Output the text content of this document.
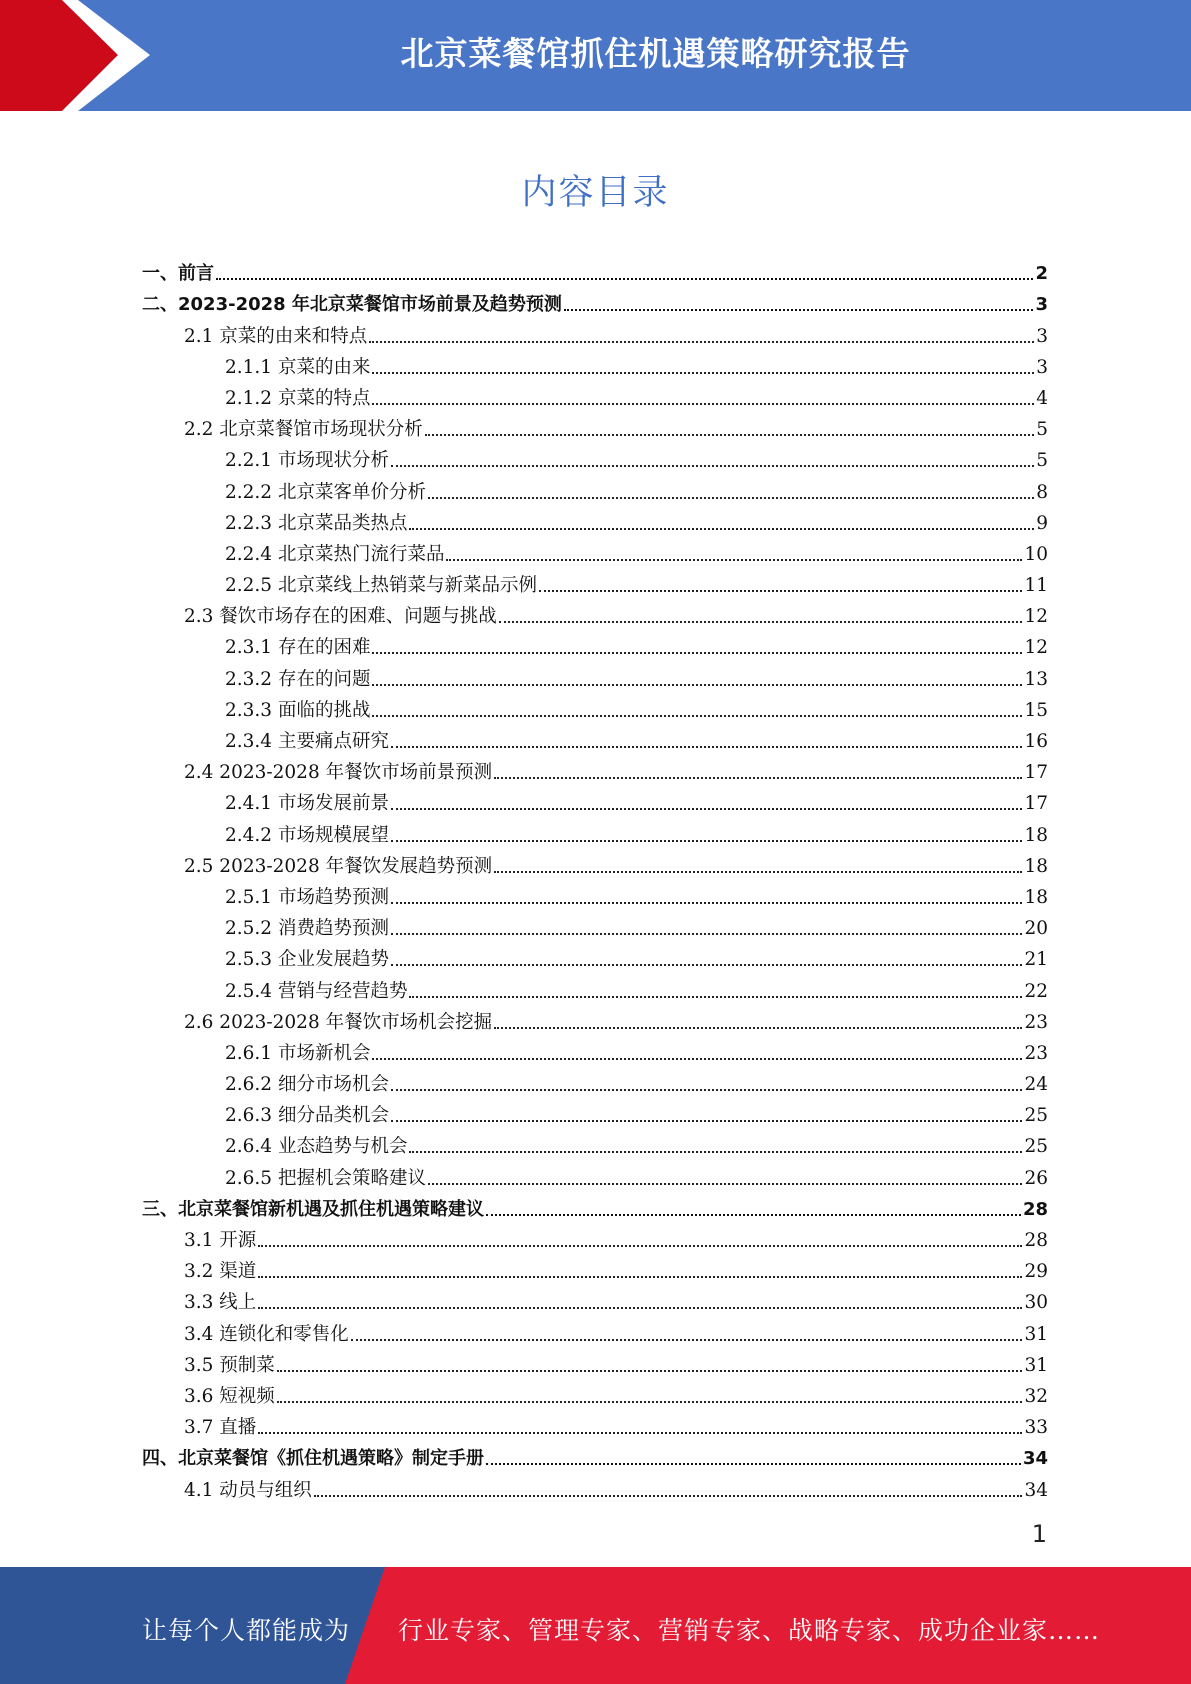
北京菜餐馆抓住机遇策略研究报告
内容目录
一、前言	2
二、2023-2028 年北京菜餐馆市场前景及趋势预测	3
2.1 京菜的由来和特点	3
2.1.1 京菜的由来	3
2.1.2 京菜的特点	4
2.2 北京菜餐馆市场现状分析	5
2.2.1 市场现状分析	5
2.2.2 北京菜客单价分析	8
2.2.3 北京菜品类热点	9
2.2.4 北京菜热门流行菜品	10
2.2.5 北京菜线上热销菜与新菜品示例	11
2.3 餐饮市场存在的困难、问题与挑战	12
2.3.1 存在的困难	12
2.3.2 存在的问题	13
2.3.3 面临的挑战	15
2.3.4 主要痛点研究	16
2.4 2023-2028 年餐饮市场前景预测	17
2.4.1 市场发展前景	17
2.4.2 市场规模展望	18
2.5 2023-2028 年餐饮发展趋势预测	18
2.5.1 市场趋势预测	18
2.5.2 消费趋势预测	20
2.5.3 企业发展趋势	21
2.5.4 营销与经营趋势	22
2.6 2023-2028 年餐饮市场机会挖掘	23
2.6.1 市场新机会	23
2.6.2 细分市场机会	24
2.6.3 细分品类机会	25
2.6.4 业态趋势与机会	25
2.6.5 把握机会策略建议	26
三、北京菜餐馆新机遇及抓住机遇策略建议	28
3.1 开源	28
3.2 渠道	29
3.3 线上	30
3.4 连锁化和零售化	31
3.5 预制菜	31
3.6 短视频	32
3.7 直播	33
四、北京菜餐馆《抓住机遇策略》制定手册	34
4.1 动员与组织	34
1
让每个人都能成为 行业专家、管理专家、营销专家、战略专家、成功企业家……
